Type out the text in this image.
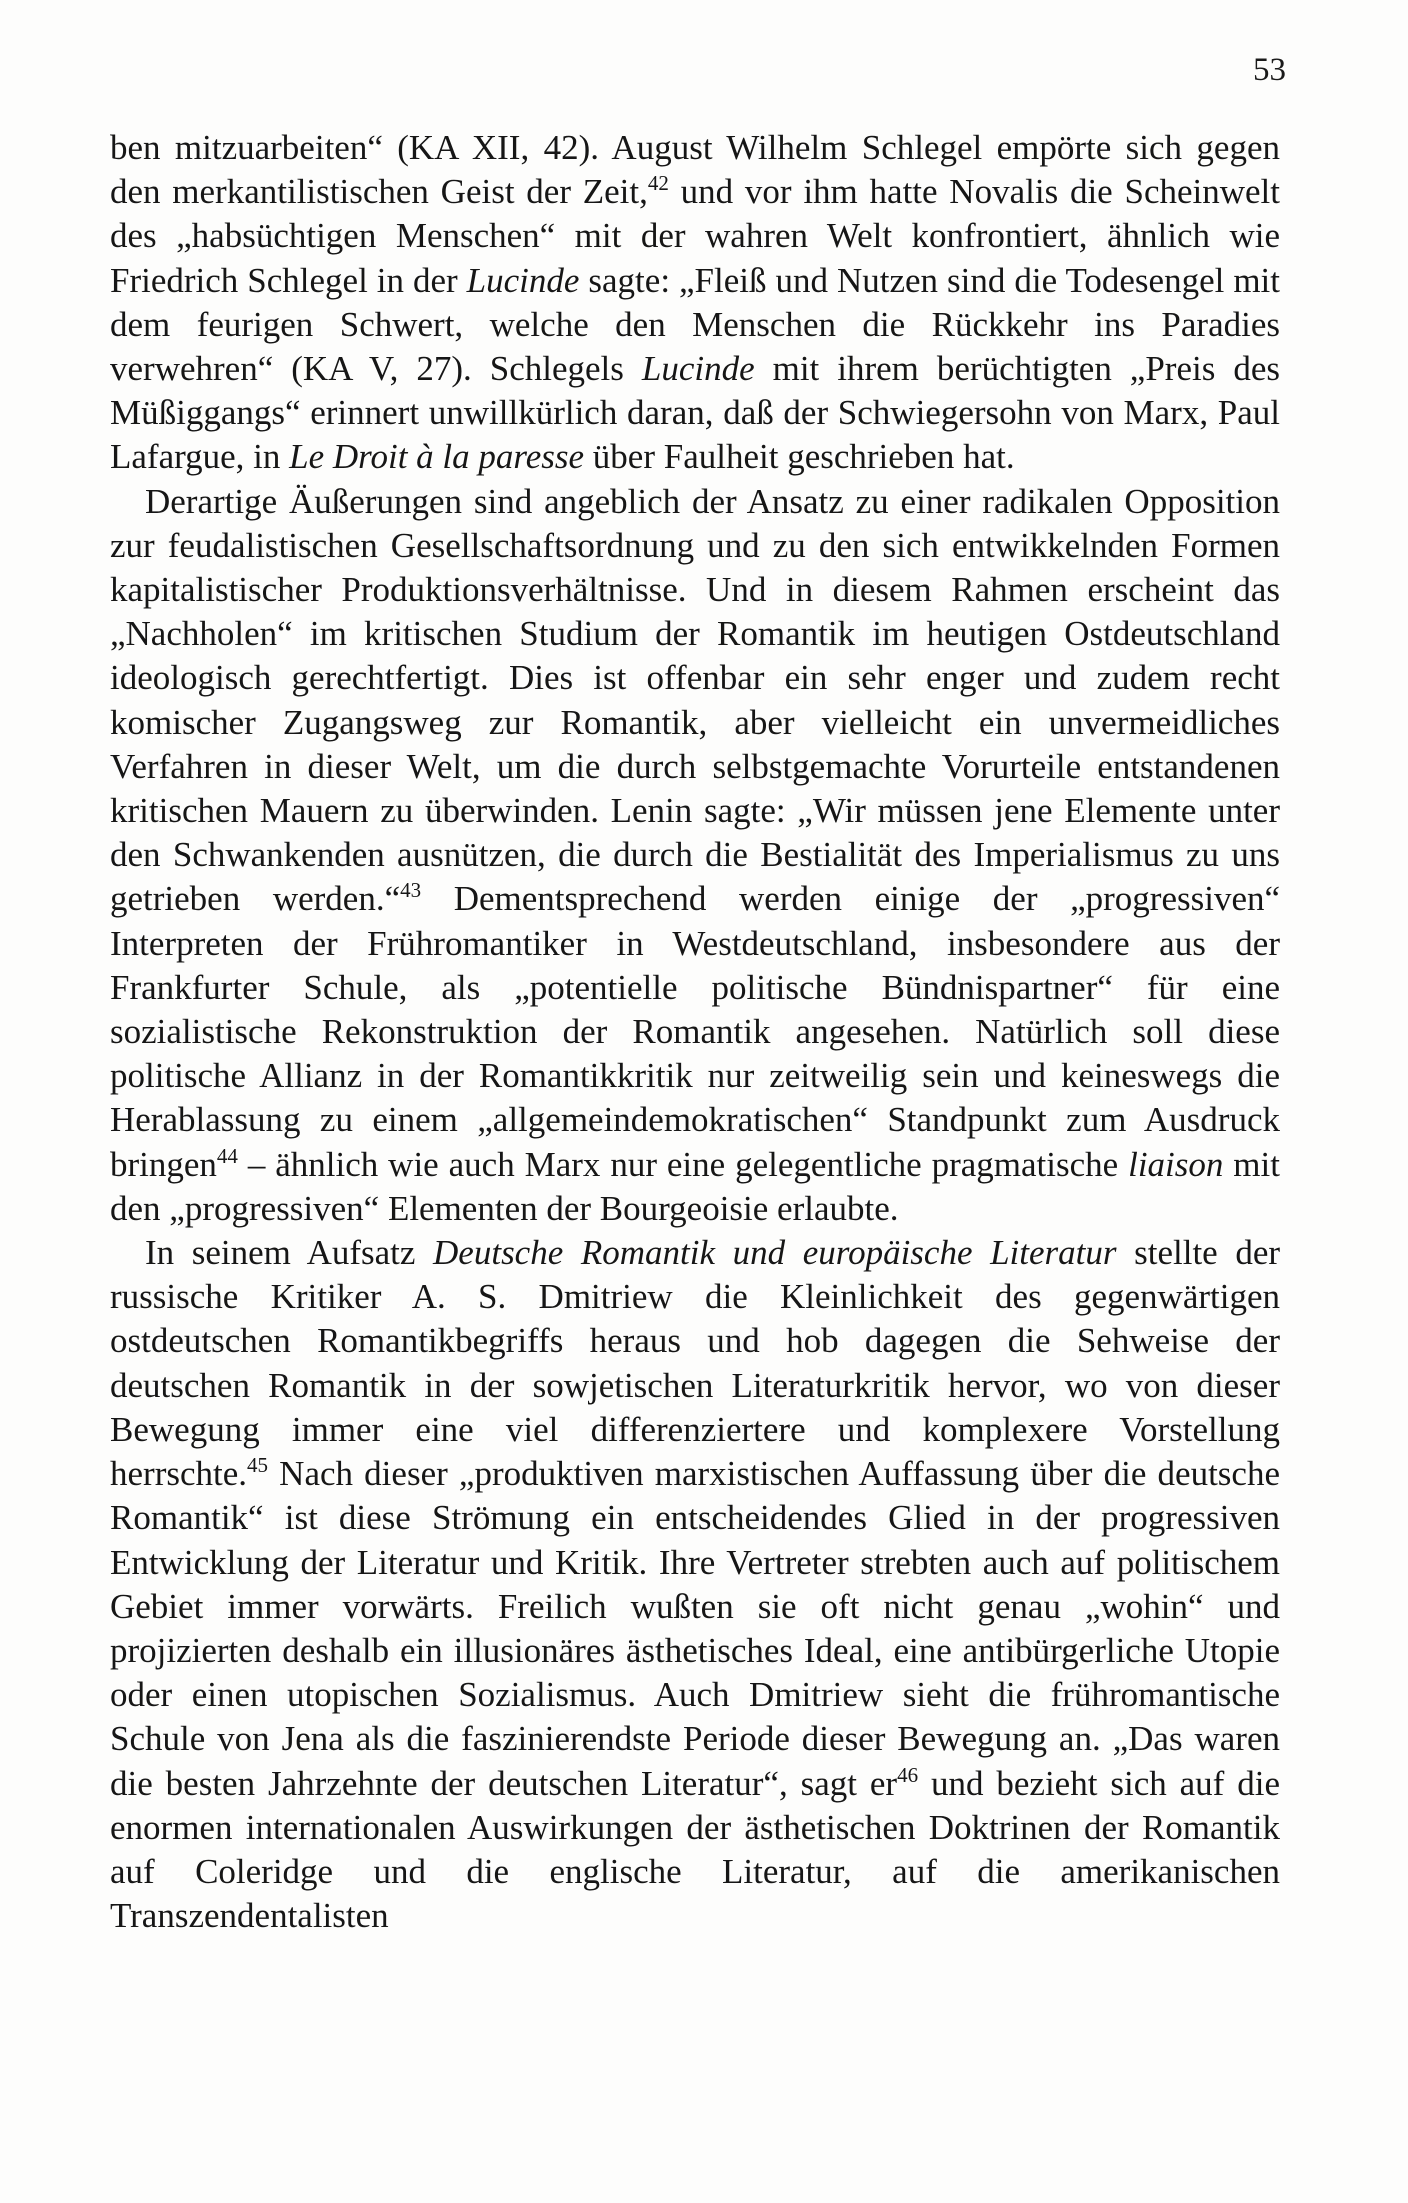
53

ben mitzuarbeiten“ (KA XII, 42). August Wilhelm Schlegel empörte sich gegen den merkantilistischen Geist der Zeit,$^{42}$ und vor ihm hatte Novalis die Scheinwelt des „habsüchtigen Menschen“ mit der wahren Welt konfrontiert, ähnlich wie Friedrich Schlegel in der Lucinde sagte: „Fleiß und Nutzen sind die Todesengel mit dem feurigen Schwert, welche den Menschen die Rückkehr ins Paradies verwehren“ (KA V, 27). Schlegels Lucinde mit ihrem berüchtigten „Preis des Müßiggangs“ erinnert unwillkürlich daran, daß der Schwiegersohn von Marx, Paul Lafargue, in Le Droit à la paresse über Faulheit geschrieben hat.

Derartige Äußerungen sind angeblich der Ansatz zu einer radikalen Opposition zur feudalistischen Gesellschaftsordnung und zu den sich entwikkelnden Formen kapitalistischer Produktionsverhältnisse. Und in diesem Rahmen erscheint das „Nachholen“ im kritischen Studium der Romantik im heutigen Ostdeutschland ideologisch gerechtfertigt. Dies ist offenbar ein sehr enger und zudem recht komischer Zugangsweg zur Romantik, aber vielleicht ein unvermeidliches Verfahren in dieser Welt, um die durch selbstgemachte Vorurteile entstandenen kritischen Mauern zu überwinden. Lenin sagte: „Wir müssen jene Elemente unter den Schwankenden ausnützen, die durch die Bestialität des Imperialismus zu uns getrieben werden.“$^{43}$ Dementsprechend werden einige der „progressiven“ Interpreten der Frühromantiker in Westdeutschland, insbesondere aus der Frankfurter Schule, als „potentielle politische Bündnispartner“ für eine sozialistische Rekonstruktion der Romantik angesehen. Natürlich soll diese politische Allianz in der Romantikkritik nur zeitweilig sein und keineswegs die Herablassung zu einem „allgemeindemokratischen“ Standpunkt zum Ausdruck bringen$^{44}$ – ähnlich wie auch Marx nur eine gelegentliche pragmatische liaison mit den „progressiven“ Elementen der Bourgeoisie erlaubte.

In seinem Aufsatz Deutsche Romantik und europäische Literatur stellte der russische Kritiker A. S. Dmitriew die Kleinlichkeit des gegenwärtigen ostdeutschen Romantikbegriffs heraus und hob dagegen die Sehweise der deutschen Romantik in der sowjetischen Literaturkritik hervor, wo von dieser Bewegung immer eine viel differenziertere und komplexere Vorstellung herrschte.$^{45}$ Nach dieser „produktiven marxistischen Auffassung über die deutsche Romantik“ ist diese Strömung ein entscheidendes Glied in der progressiven Entwicklung der Literatur und Kritik. Ihre Vertreter strebten auch auf politischem Gebiet immer vorwärts. Freilich wußten sie oft nicht genau „wohin“ und projizierten deshalb ein illusionäres ästhetisches Ideal, eine antibürgerliche Utopie oder einen utopischen Sozialismus. Auch Dmitriew sieht die frühromantische Schule von Jena als die faszinierendste Periode dieser Bewegung an. „Das waren die besten Jahrzehnte der deutschen Literatur“, sagt $er^{46}$ und bezieht sich auf die enormen internationalen Auswirkungen der ästhetischen Doktrinen der Romantik auf Coleridge und die englische Literatur, auf die amerikanischen Transzendentalisten
